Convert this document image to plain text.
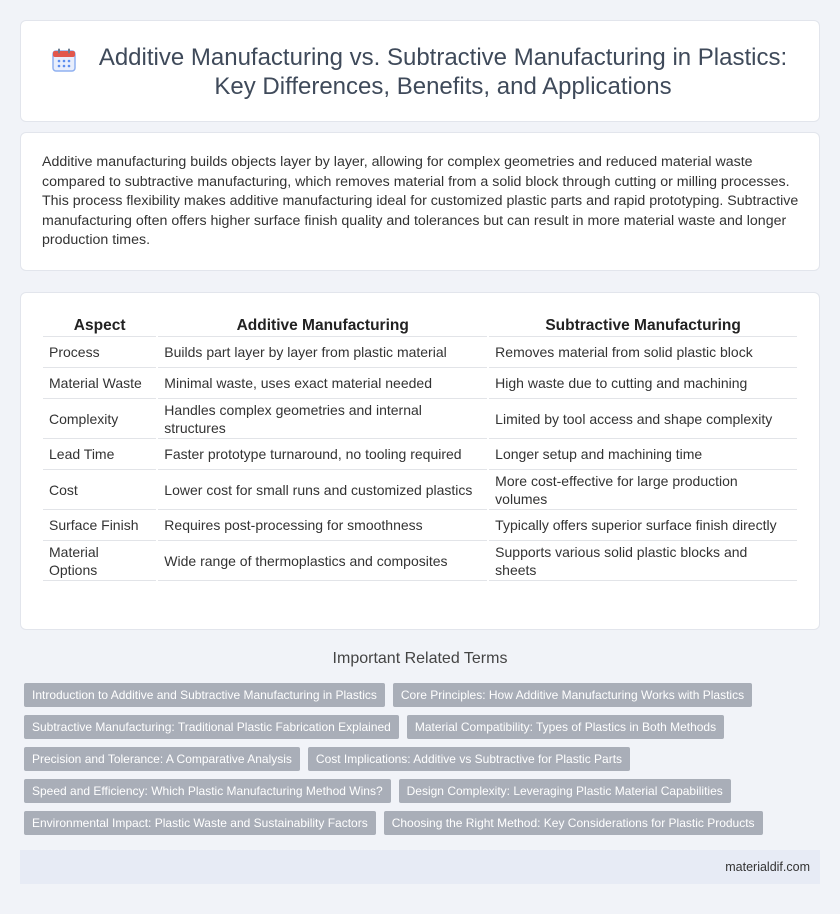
Additive Manufacturing vs. Subtractive Manufacturing in Plastics: Key Differences, Benefits, and Applications

Additive manufacturing builds objects layer by layer, allowing for complex geometries and reduced material waste compared to subtractive manufacturing, which removes material from a solid block through cutting or milling processes. This process flexibility makes additive manufacturing ideal for customized plastic parts and rapid prototyping. Subtractive manufacturing often offers higher surface finish quality and tolerances but can result in more material waste and longer production times.

Aspect	Additive Manufacturing	Subtractive Manufacturing
Process	Builds part layer by layer from plastic material	Removes material from solid plastic block
Material Waste	Minimal waste, uses exact material needed	High waste due to cutting and machining
Complexity	Handles complex geometries and internal structures	Limited by tool access and shape complexity
Lead Time	Faster prototype turnaround, no tooling required	Longer setup and machining time
Cost	Lower cost for small runs and customized plastics	More cost-effective for large production volumes
Surface Finish	Requires post-processing for smoothness	Typically offers superior surface finish directly
Material Options	Wide range of thermoplastics and composites	Supports various solid plastic blocks and sheets
Important Related Terms
Introduction to Additive and Subtractive Manufacturing in Plastics	Core Principles: How Additive Manufacturing Works with Plastics
Subtractive Manufacturing: Traditional Plastic Fabrication Explained	Material Compatibility: Types of Plastics in Both Methods
Precision and Tolerance: A Comparative Analysis	Cost Implications: Additive vs Subtractive for Plastic Parts
Speed and Efficiency: Which Plastic Manufacturing Method Wins?	Design Complexity: Leveraging Plastic Material Capabilities
Environmental Impact: Plastic Waste and Sustainability Factors	Choosing the Right Method: Key Considerations for Plastic Products
materialdif.com
